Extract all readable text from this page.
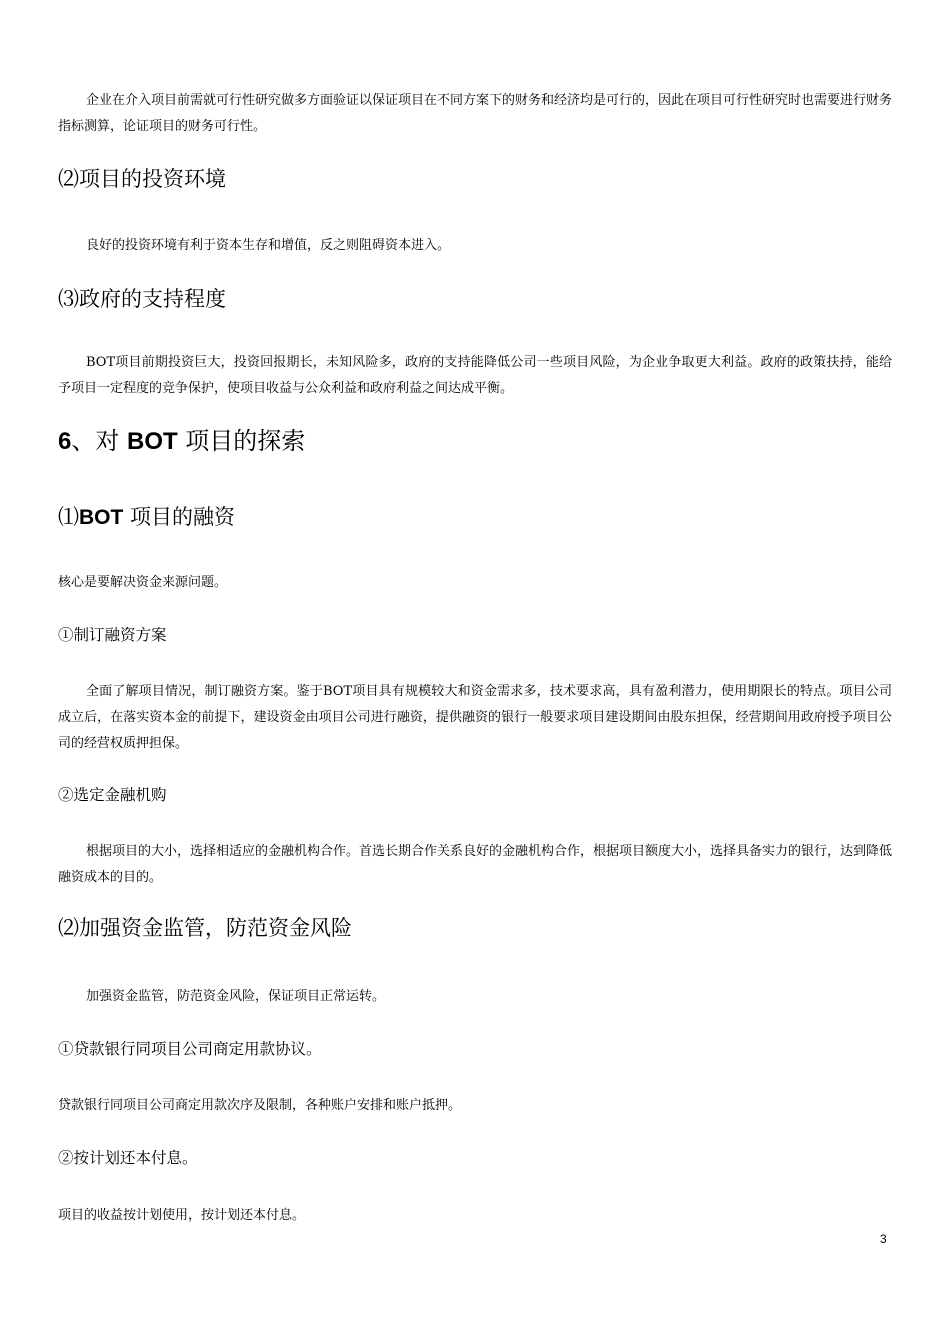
企业在介入项目前需就可行性研究做多方面验证以保证项目在不同方案下的财务和经济均是可行的，因此在项目可行性研究时也需要进行财务指标测算，论证项目的财务可行性。

⑵项目的投资环境

良好的投资环境有利于资本生存和增值，反之则阻碍资本进入。

⑶政府的支持程度

BOT项目前期投资巨大，投资回报期长，未知风险多，政府的支持能降低公司一些项目风险，为企业争取更大利益。政府的政策扶持，能给予项目一定程度的竞争保护，使项目收益与公众利益和政府利益之间达成平衡。

6、对 BOT 项目的探索
⑴BOT 项目的融资

核心是要解决资金来源问题。

①制订融资方案

全面了解项目情况，制订融资方案。鉴于BOT项目具有规模较大和资金需求多，技术要求高，具有盈利潜力，使用期限长的特点。项目公司成立后，在落实资本金的前提下，建设资金由项目公司进行融资，提供融资的银行一般要求项目建设期间由股东担保，经营期间用政府授予项目公司的经营权质押担保。

②选定金融机购

根据项目的大小，选择相适应的金融机构合作。首选长期合作关系良好的金融机构合作，根据项目额度大小，选择具备实力的银行，达到降低融资成本的目的。

⑵加强资金监管，防范资金风险

加强资金监管，防范资金风险，保证项目正常运转。

①贷款银行同项目公司商定用款协议。

贷款银行同项目公司商定用款次序及限制，各种账户安排和账户抵押。

②按计划还本付息。

项目的收益按计划使用，按计划还本付息。

3
